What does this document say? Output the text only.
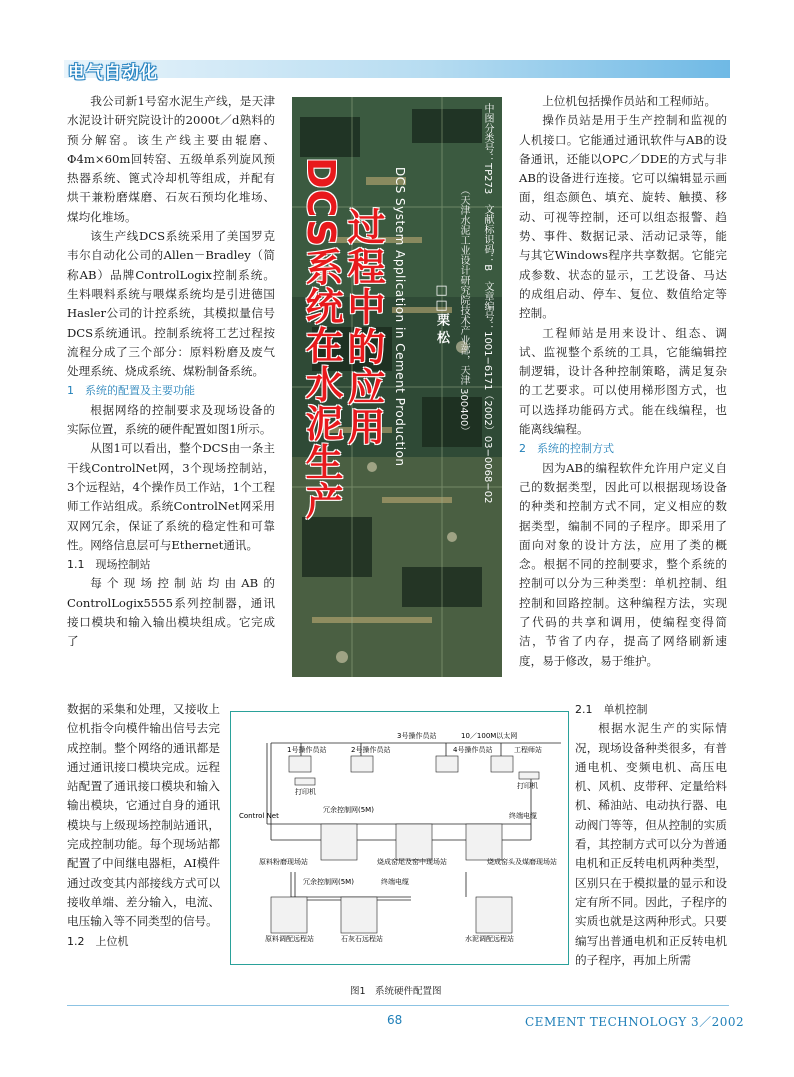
电气自动化

我公司新1号窑水泥生产线，是天津水泥设计研究院设计的2000t／d熟料的预分解窑。该生产线主要由辊磨、Φ4m×60m回转窑、五级单系列旋风预热器系统、篦式冷却机等组成，并配有烘干兼粉磨煤磨、石灰石预均化堆场、煤均化堆场。

该生产线DCS系统采用了美国罗克韦尔自动化公司的Allen－Bradley（简称AB）品牌ControlLogix控制系统。生料喂料系统与喂煤系统均是引进德国Hasler公司的计控系统，其模拟量信号DCS系统通讯。控制系统将工艺过程按流程分成了三个部分：原料粉磨及废气处理系统、烧成系统、煤粉制备系统。

1　系统的配置及主要功能

根据网络的控制要求及现场设备的实际位置，系统的硬件配置如图1所示。

从图1可以看出，整个DCS由一条主干线ControlNet网，3个现场控制站，3个远程站，4个操作员工作站，1个工程师工作站组成。系统ControlNet网采用双网冗余，保证了系统的稳定性和可靠性。网络信息层可与Ethernet通讯。

1.1　现场控制站

每个现场控制站均由AB的ControlLogix5555系列控制器，通讯接口模块和输入输出模块组成。它完成了

数据的采集和处理，又接收上位机指令向模件输出信号去完成控制。整个网络的通讯都是通过通讯接口模块完成。远程站配置了通讯接口模块和输入输出模块，它通过自身的通讯模块与上级现场控制站通讯，完成控制功能。每个现场站都配置了中间继电器柜，AI模件通过改变其内部接线方式可以接收单端、差分输入，电流、电压输入等不同类型的信号。

1.2　上位机

中图分类号：TP273　文献标识码：B　文章编号：1001−6171（2002）03−0068−02
（天津水泥工业设计研究院技术产业部，天津 300400）
□□栗 松
DCS System Application in Cement Production
过程中的应用
DCS系统在水泥生产

上位机包括操作员站和工程师站。

操作员站是用于生产控制和监视的人机接口。它能通过通讯软件与AB的设备通讯，还能以OPC／DDE的方式与非AB的设备进行连接。它可以编辑显示画面，组态颜色、填充、旋转、触摸、移动、可视等控制，还可以组态报警、趋势、事件、数据记录、活动记录等，能与其它Windows程序共享数据。它能完成参数、状态的显示，工艺设备、马达的成组启动、停车、复位、数值给定等控制。

工程师站是用来设计、组态、调试、监视整个系统的工具，它能编辑控制逻辑，设计各种控制策略，满足复杂的工艺要求。可以使用梯形图方式，也可以选择功能码方式。能在线编程，也能离线编程。

2　系统的控制方式

因为AB的编程软件允许用户定义自己的数据类型，因此可以根据现场设备的种类和控制方式不同，定义相应的数据类型，编制不同的子程序。即采用了面向对象的设计方法，应用了类的概念。根据不同的控制要求，整个系统的控制可以分为三种类型：单机控制、组控制和回路控制。这种编程方法，实现了代码的共享和调用，使编程变得简洁，节省了内存，提高了网络刷新速度，易于修改，易于维护。

2.1　单机控制

根据水泥生产的实际情况，现场设备种类很多，有普通电机、变频电机、高压电机、风机、皮带秤、定量给料机、稀油站、电动执行器、电动阀门等等，但从控制的实质看，其控制方式可以分为普通电机和正反转电机两种类型，区别只在于模拟量的显示和设定有所不同。因此，子程序的实质也就是这两种形式。只要编写出普通电机和正反转电机的子程序，再加上所需

3号操作员站	10／100M以太网
1号操作员站	2号操作员站	4号操作员站	工程师站
打印机
打印机
Control Net
冗余控制网(5M)
终端电缆
原料粉磨现场站	烧成窑尾及窑中现场站	烧成窑头及煤磨现场站
冗余控制网(5M)	终端电缆
原料调配远程站	石灰石远程站	水泥调配远程站
图1　系统硬件配置图
68	CEMENT TECHNOLOGY 3／2002
